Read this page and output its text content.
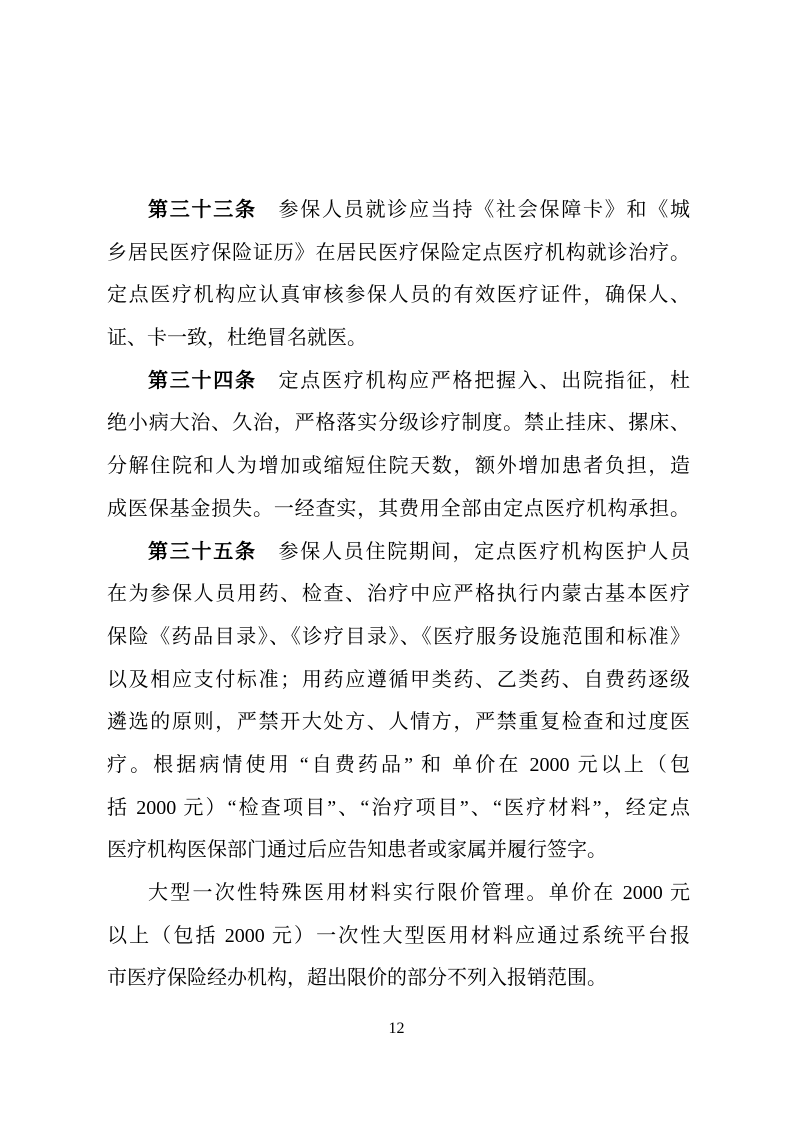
第三十三条　参保人员就诊应当持《社会保障卡》和《城
乡居民医疗保险证历》在居民医疗保险定点医疗机构就诊治疗。
定点医疗机构应认真审核参保人员的有效医疗证件，确保人、
证、卡一致，杜绝冒名就医。
第三十四条　定点医疗机构应严格把握入、出院指征，杜
绝小病大治、久治，严格落实分级诊疗制度。禁止挂床、摞床、
分解住院和人为增加或缩短住院天数，额外增加患者负担，造
成医保基金损失。一经查实，其费用全部由定点医疗机构承担。
第三十五条　参保人员住院期间，定点医疗机构医护人员
在为参保人员用药、检查、治疗中应严格执行内蒙古基本医疗
保险《药品目录》、《诊疗目录》、《医疗服务设施范围和标准》
以及相应支付标准；用药应遵循甲类药、乙类药、自费药逐级
遴选的原则，严禁开大处方、人情方，严禁重复检查和过度医
疗。根据病情使用 “自费药品” 和 单价在 2000 元以上（包
括 2000 元）“检查项目”、“治疗项目”、“医疗材料”，经定点
医疗机构医保部门通过后应告知患者或家属并履行签字。
大型一次性特殊医用材料实行限价管理。单价在 2000 元
以上（包括 2000 元）一次性大型医用材料应通过系统平台报
市医疗保险经办机构，超出限价的部分不列入报销范围。
12
